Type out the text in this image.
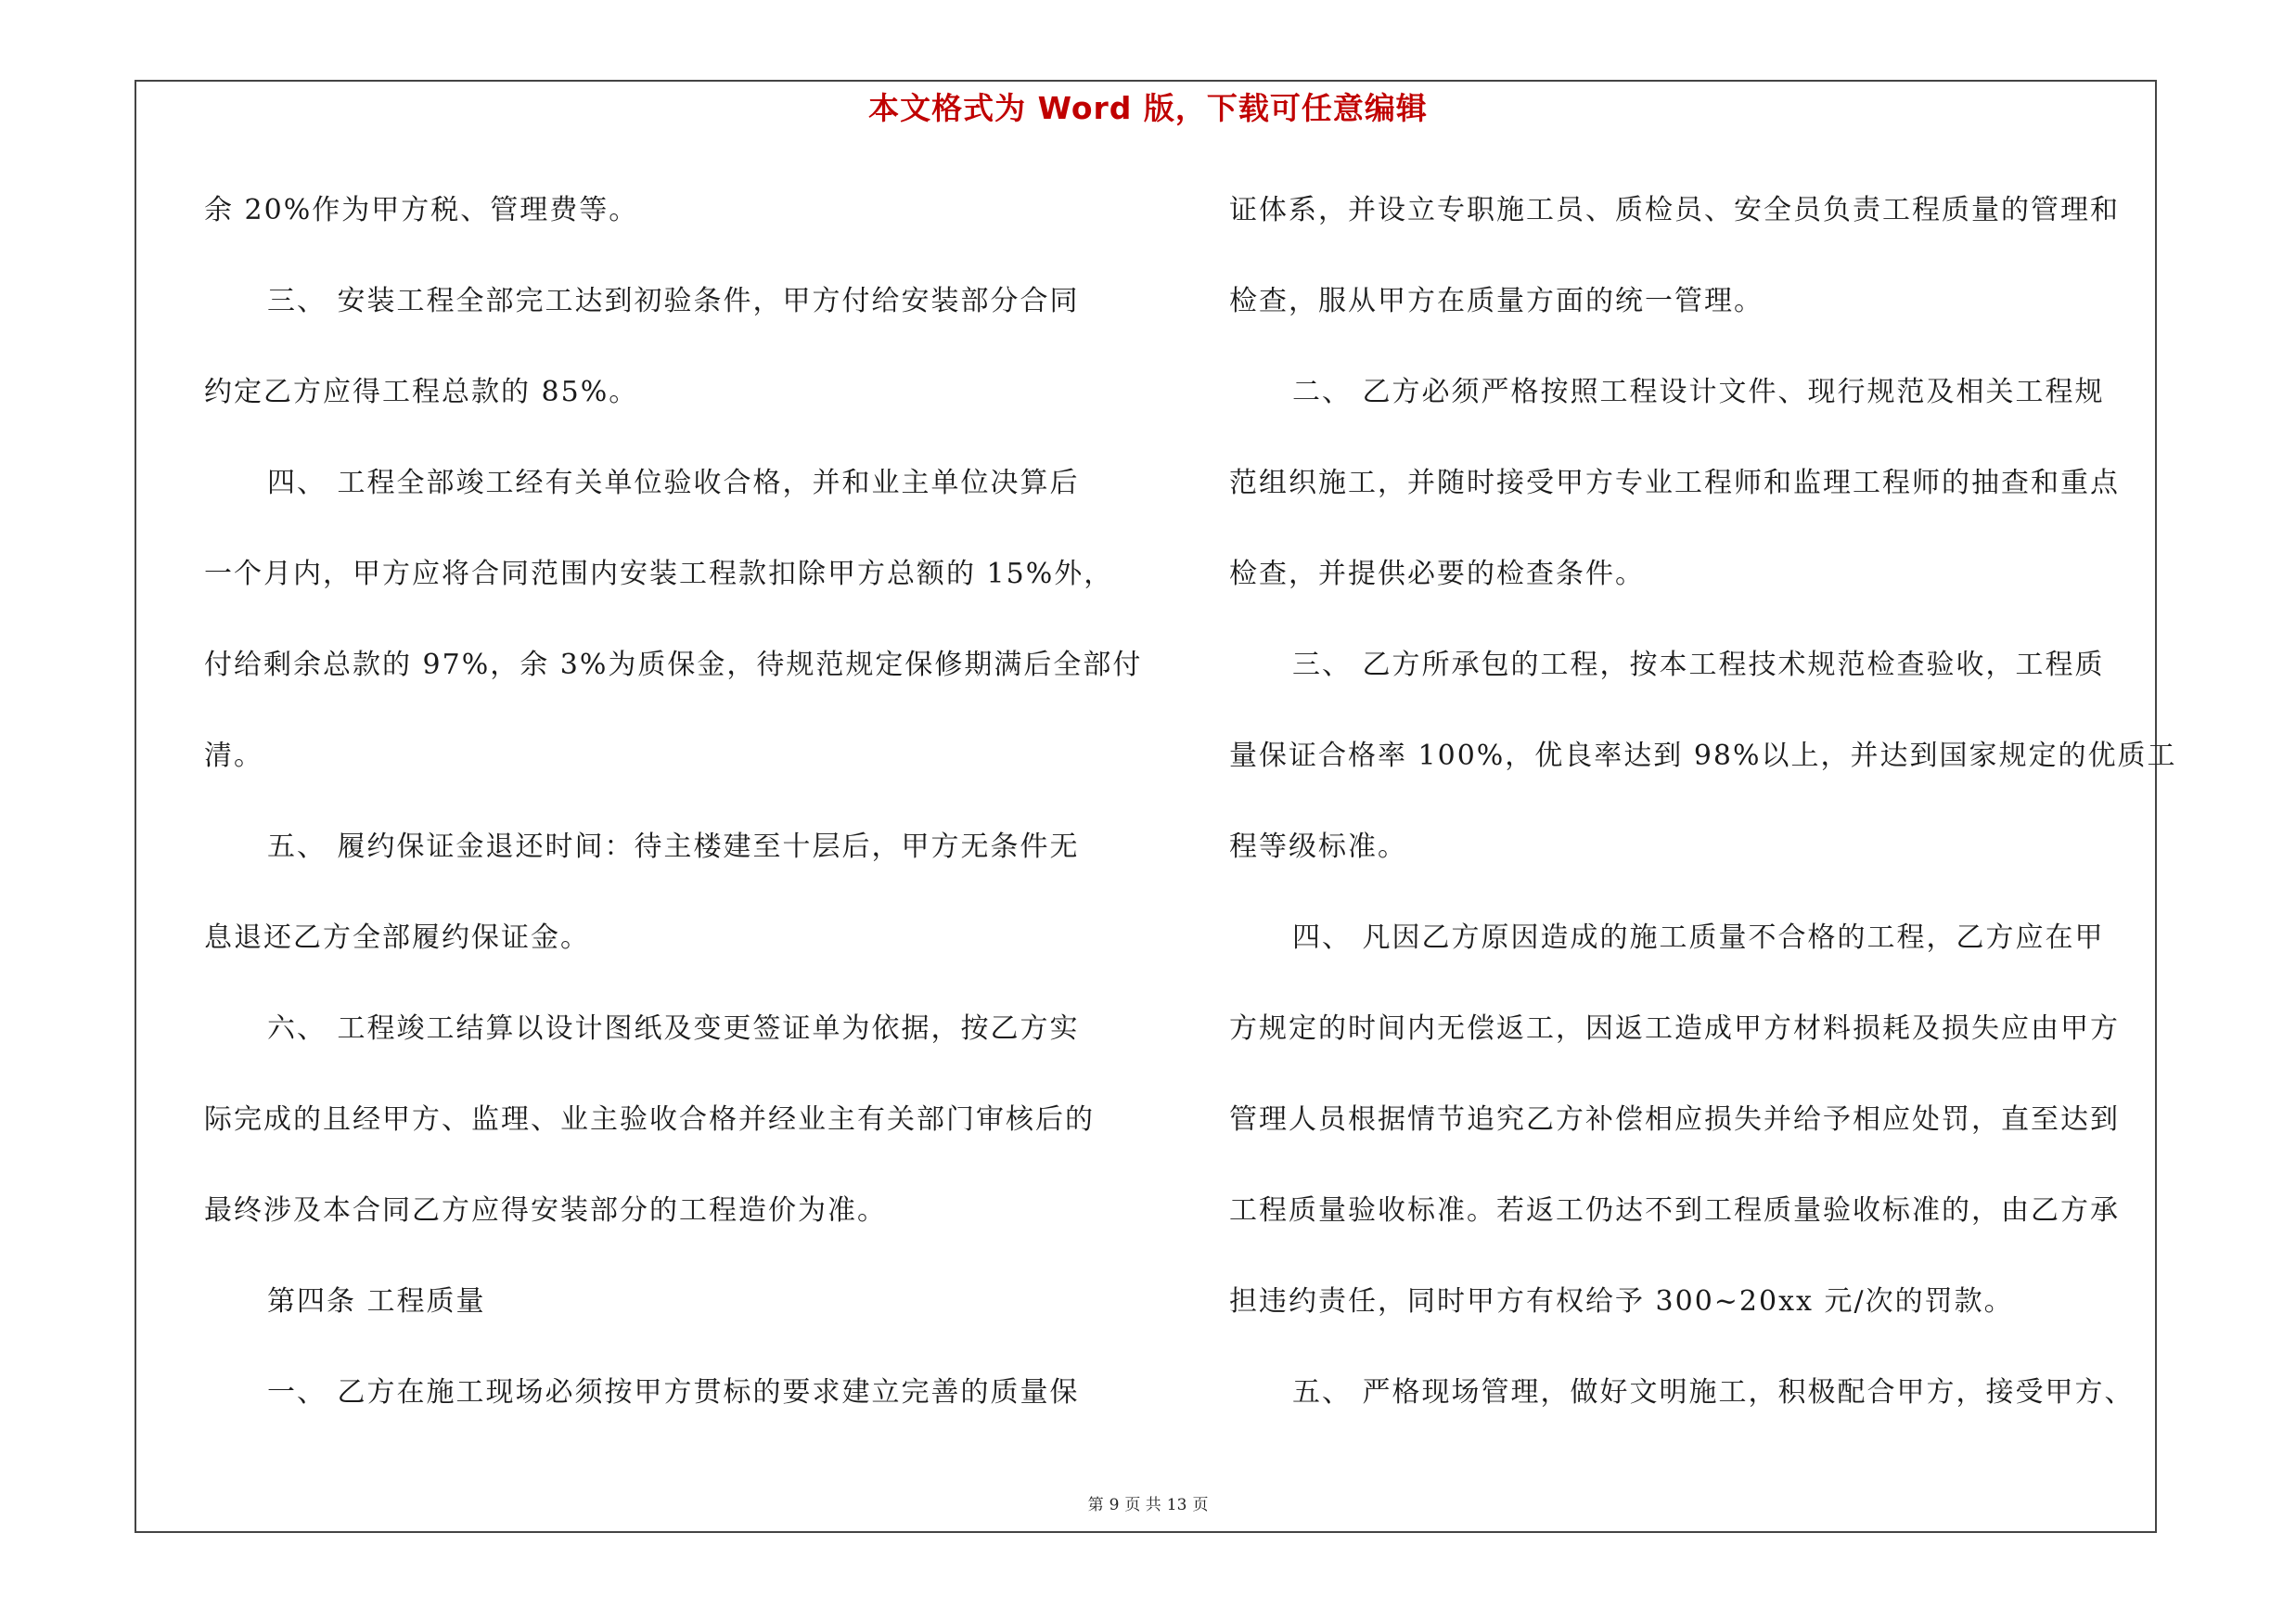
本文格式为 Word 版，下载可任意编辑
余 20%作为甲方税、管理费等。
三、 安装工程全部完工达到初验条件，甲方付给安装部分合同
约定乙方应得工程总款的 85%。
四、 工程全部竣工经有关单位验收合格，并和业主单位决算后
一个月内，甲方应将合同范围内安装工程款扣除甲方总额的 15%外，
付给剩余总款的 97%，余 3%为质保金，待规范规定保修期满后全部付
清。
五、 履约保证金退还时间：待主楼建至十层后，甲方无条件无
息退还乙方全部履约保证金。
六、 工程竣工结算以设计图纸及变更签证单为依据，按乙方实
际完成的且经甲方、监理、业主验收合格并经业主有关部门审核后的
最终涉及本合同乙方应得安装部分的工程造价为准。
第四条 工程质量
一、 乙方在施工现场必须按甲方贯标的要求建立完善的质量保
证体系，并设立专职施工员、质检员、安全员负责工程质量的管理和
检查，服从甲方在质量方面的统一管理。
二、 乙方必须严格按照工程设计文件、现行规范及相关工程规
范组织施工，并随时接受甲方专业工程师和监理工程师的抽查和重点
检查，并提供必要的检查条件。
三、 乙方所承包的工程，按本工程技术规范检查验收，工程质
量保证合格率 100%，优良率达到 98%以上，并达到国家规定的优质工
程等级标准。
四、 凡因乙方原因造成的施工质量不合格的工程，乙方应在甲
方规定的时间内无偿返工，因返工造成甲方材料损耗及损失应由甲方
管理人员根据情节追究乙方补偿相应损失并给予相应处罚，直至达到
工程质量验收标准。若返工仍达不到工程质量验收标准的，由乙方承
担违约责任，同时甲方有权给予 300~20xx 元/次的罚款。
五、 严格现场管理，做好文明施工，积极配合甲方，接受甲方、
第 9 页 共 13 页
